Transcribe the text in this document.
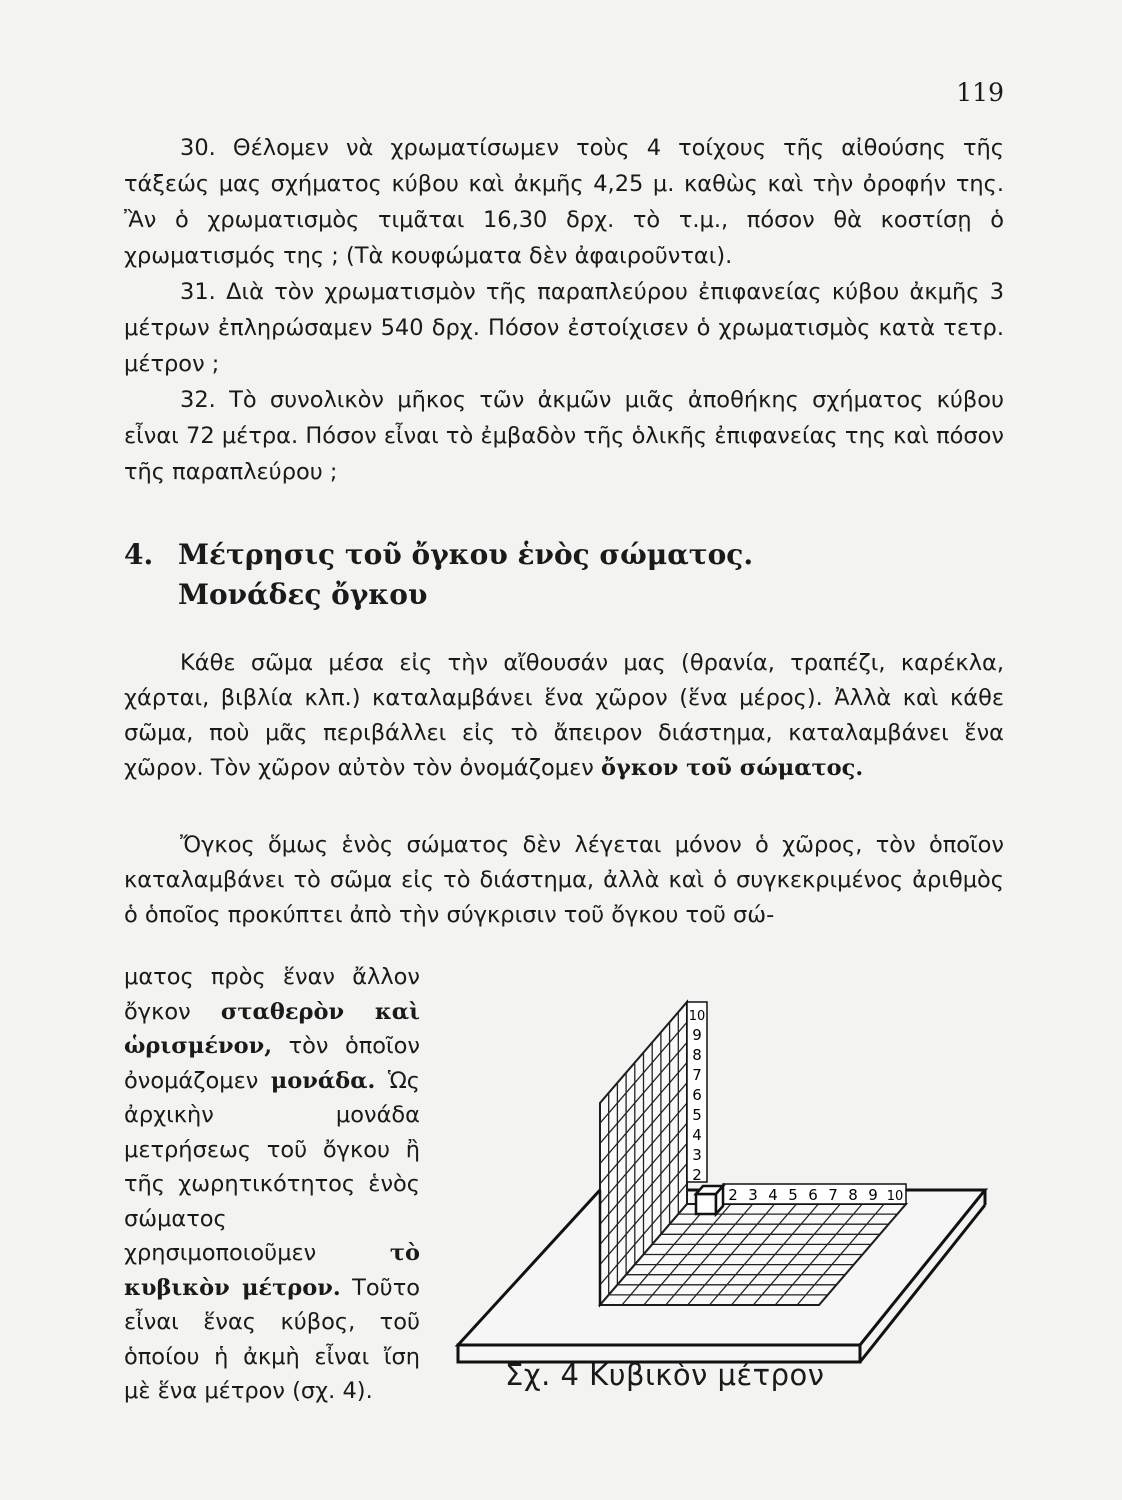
119

30. Θέλομεν νὰ χρωματίσωμεν τοὺς 4 τοίχους τῆς αἰθούσης τῆς τάξεώς μας σχήματος κύβου καὶ ἀκμῆς 4,25 μ. καθὼς καὶ τὴν ὀροφήν της. Ἂν ὁ χρωματισμὸς τιμᾶται 16,30 δρχ. τὸ τ.μ., πόσον θὰ κοστίσῃ ὁ χρωματισμός της ; (Τὰ κουφώματα δὲν ἀφαιροῦνται).

31. Διὰ τὸν χρωματισμὸν τῆς παραπλεύρου ἐπιφανείας κύβου ἀκμῆς 3 μέτρων ἐπληρώσαμεν 540 δρχ. Πόσον ἐστοίχισεν ὁ χρωματισμὸς κατὰ τετρ. μέτρον ;

32. Τὸ συνολικὸν μῆκος τῶν ἀκμῶν μιᾶς ἀποθήκης σχήματος κύβου εἶναι 72 μέτρα. Πόσον εἶναι τὸ ἐμβαδὸν τῆς ὁλικῆς ἐπιφανείας της καὶ πόσον τῆς παραπλεύρου ;

4. Μέτρησις τοῦ ὄγκου ἑνὸς σώματος.
Μονάδες ὄγκου

Κάθε σῶμα μέσα εἰς τὴν αἴθουσάν μας (θρανία, τραπέζι, καρέκλα, χάρται, βιβλία κλπ.) καταλαμβάνει ἕνα χῶρον (ἕνα μέρος). Ἀλλὰ καὶ κάθε σῶμα, ποὺ μᾶς περιβάλλει εἰς τὸ ἄπειρον διάστημα, καταλαμβάνει ἕνα χῶρον. Τὸν χῶρον αὐτὸν τὸν ὀνομάζομεν ὄγκον τοῦ σώματος.

Ὄγκος ὅμως ἑνὸς σώματος δὲν λέγεται μόνον ὁ χῶρος, τὸν ὁποῖον καταλαμβάνει τὸ σῶμα εἰς τὸ διάστημα, ἀλλὰ καὶ ὁ συγκεκριμένος ἀριθμὸς ὁ ὁποῖος προκύπτει ἀπὸ τὴν σύγκρισιν τοῦ ὄγκου τοῦ σώ-

ματος πρὸς ἕναν ἄλλον ὄγκον σταθερὸν καὶ ὡρισμένον, τὸν ὁποῖον ὀνομάζομεν μονάδα. Ὡς ἀρχικὴν μονάδα μετρήσεως τοῦ ὄγκου ἢ τῆς χωρητικότητος ἑνὸς σώματος χρησιμοποιοῦμεν τὸ κυβικὸν μέτρον. Τοῦτο εἶναι ἕνας κύβος, τοῦ ὁποίου ἡ ἀκμὴ εἶναι ἴση μὲ ἕνα μέτρον (σχ. 4).

2
3
4
5
6
7
8
9
10
2 3 4 5 6 7 8 9 10
Σχ. 4 Κυβικὸν μέτρον
